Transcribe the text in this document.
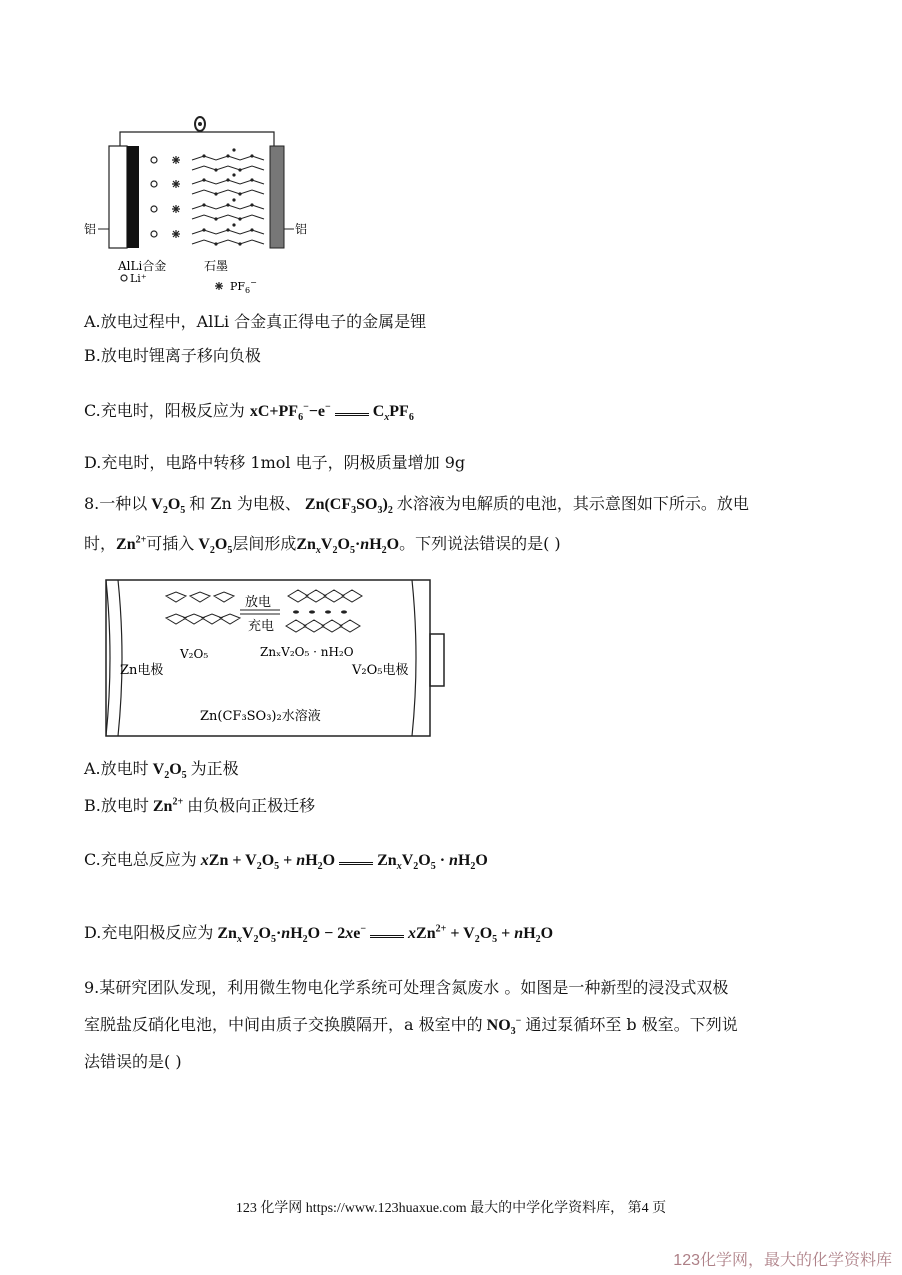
铝	铝
AlLi合金
Li⁺
石墨
$PF_6^-$
A.放电过程中，AlLi 合金真正得电子的金属是锂
B.放电时锂离子移向负极
C.充电时，阳极反应为 $xC+PF_6^--e^-$	$C_xPF_6$
D.充电时，电路中转移 1mol 电子，阴极质量增加 9g
8.一种以 $V_2O_5$ 和 Zn 为电极、 $Zn(CF_3SO_3)_2$ 水溶液为电解质的电池，其示意图如下所示。放电
时，$Zn^{2+}$可插入 $V_2O_5$层间形成$Zn_xV_2O_5\cdot nH_2O$。下列说法错误的是( )
放电
充电
V₂O₅	ZnₓV₂O₅ · nH₂O
Zn电极	V₂O₅电极
Zn(CF₃SO₃)₂水溶液
A.放电时 $V_2O_5$ 为正极
B.放电时 $Zn^{2+}$ 由负极向正极迁移
C.充电总反应为 xZn + $V_2O_5 + nH_2O$	$Zn_xV_2O_5 \cdot nH_2O$
D.充电阳极反应为 $Zn_xV_2O_5\cdot nH_2O - 2xe^-$	$xZn^{2+} + V_2O_5 + nH_2O$
9.某研究团队发现，利用微生物电化学系统可处理含氮废水 。如图是一种新型的浸没式双极
室脱盐反硝化电池，中间由质子交换膜隔开，a 极室中的 $NO_3^-$ 通过泵循环至 b 极室。下列说
法错误的是( )
123 化学网 https://www.123huaxue.com 最大的中学化学资料库， 第4 页
123化学网，最大的化学资料库
